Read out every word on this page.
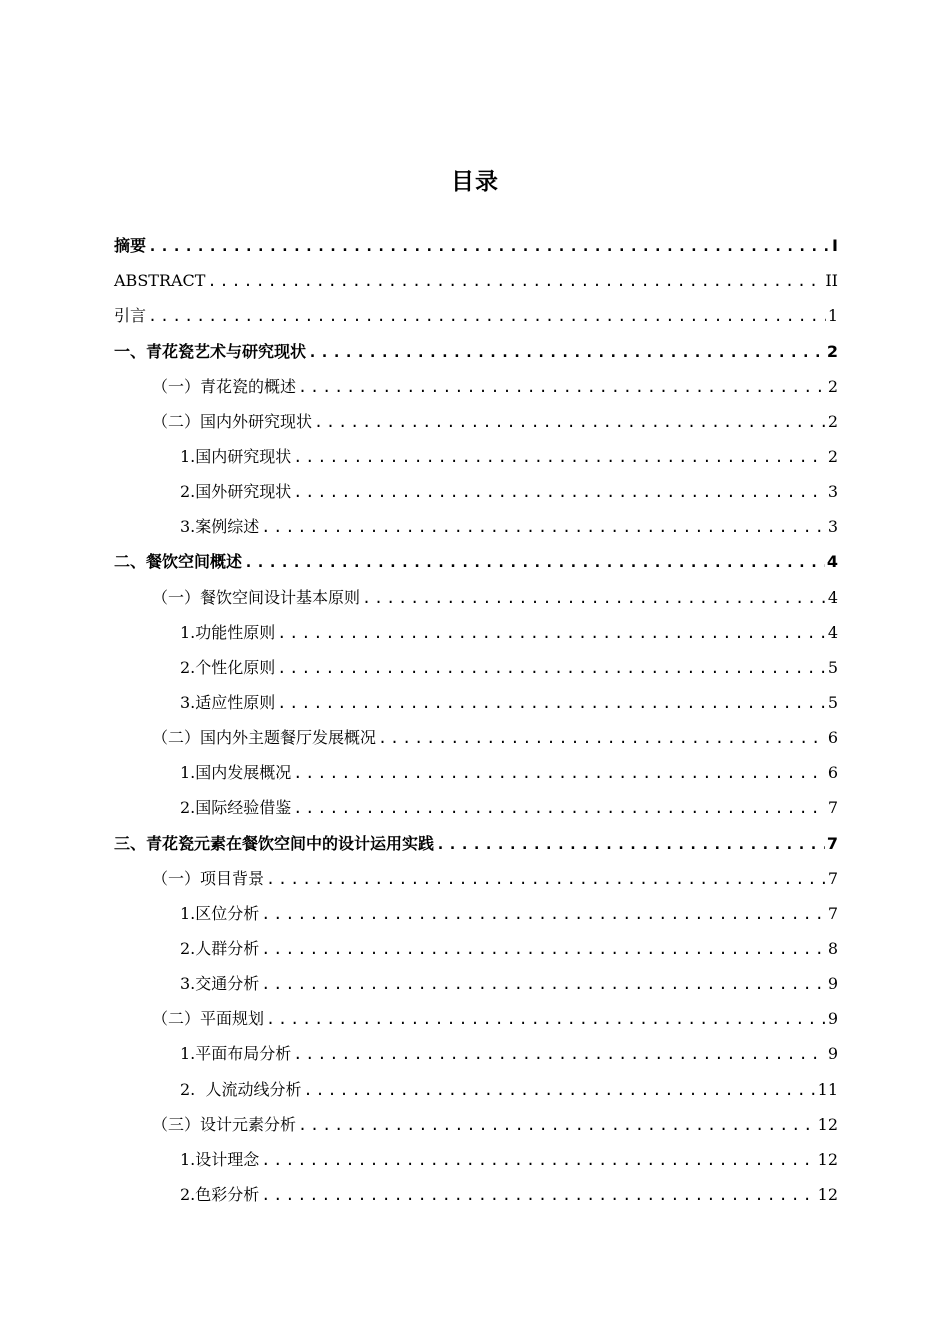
目录
摘要 .....	I
ABSTRACT .....	II
引言 .....	1
一、青花瓷艺术与研究现状 .....	2
（一）青花瓷的概述 .....	2
（二）国内外研究现状 .....	2
1.国内研究现状 .....	2
2.国外研究现状 .....	3
3.案例综述 .....	3
二、餐饮空间概述 .....	4
（一）餐饮空间设计基本原则 .....	4
1.功能性原则 .....	4
2.个性化原则 .....	5
3.适应性原则 .....	5
（二）国内外主题餐厅发展概况 .....	6
1.国内发展概况 .....	6
2.国际经验借鉴 .....	7
三、青花瓷元素在餐饮空间中的设计运用实践 .....	7
（一）项目背景 .....	7
1.区位分析 .....	7
2.人群分析 .....	8
3.交通分析 .....	9
（二）平面规划 .....	9
1.平面布局分析 .....	9
2.  人流动线分析 .....	11
（三）设计元素分析 .....	12
1.设计理念 .....	12
2.色彩分析 .....	12
